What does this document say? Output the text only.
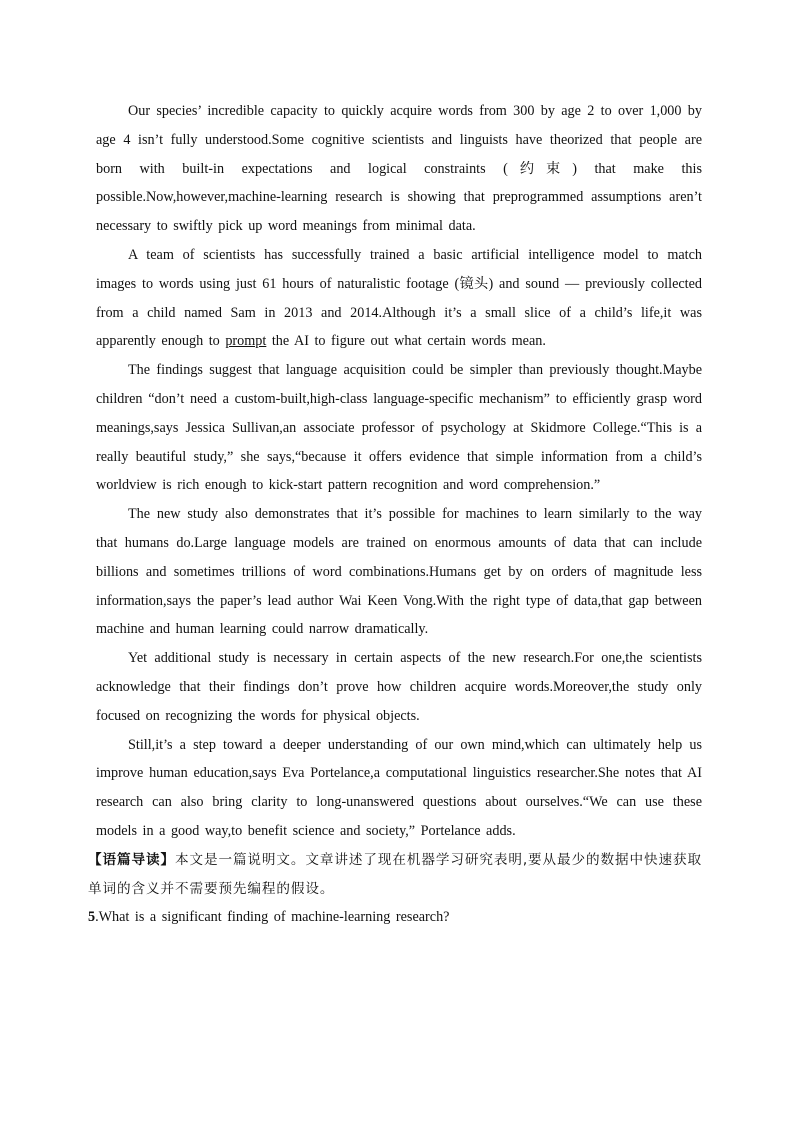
Our species’ incredible capacity to quickly acquire words from 300 by age 2 to over 1,000 by age 4 isn’t fully understood.Some cognitive scientists and linguists have theorized that people are born with built-in expectations and logical constraints (约束) that make this possible.Now,however,machine-learning research is showing that preprogrammed assumptions aren’t necessary to swiftly pick up word meanings from minimal data.

A team of scientists has successfully trained a basic artificial intelligence model to match images to words using just 61 hours of naturalistic footage (镜头) and sound — previously collected from a child named Sam in 2013 and 2014.Although it’s a small slice of a child’s life,it was apparently enough to prompt the AI to figure out what certain words mean.

The findings suggest that language acquisition could be simpler than previously thought.Maybe children “don’t need a custom-built,high-class language-specific mechanism” to efficiently grasp word meanings,says Jessica Sullivan,an associate professor of psychology at Skidmore College.“This is a really beautiful study,” she says,“because it offers evidence that simple information from a child’s worldview is rich enough to kick-start pattern recognition and word comprehension.”

The new study also demonstrates that it’s possible for machines to learn similarly to the way that humans do.Large language models are trained on enormous amounts of data that can include billions and sometimes trillions of word combinations.Humans get by on orders of magnitude less information,says the paper’s lead author Wai Keen Vong.With the right type of data,that gap between machine and human learning could narrow dramatically.

Yet additional study is necessary in certain aspects of the new research.For one,the scientists acknowledge that their findings don’t prove how children acquire words.Moreover,the study only focused on recognizing the words for physical objects.

Still,it’s a step toward a deeper understanding of our own mind,which can ultimately help us improve human education,says Eva Portelance,a computational linguistics researcher.She notes that AI research can also bring clarity to long-unanswered questions about ourselves.“We can use these models in a good way,to benefit science and society,” Portelance adds.

【语篇导读】本文是一篇说明文。文章讲述了现在机器学习研究表明,要从最少的数据中快速获取单词的含义并不需要预先编程的假设。

5.What is a significant finding of machine-learning research?
